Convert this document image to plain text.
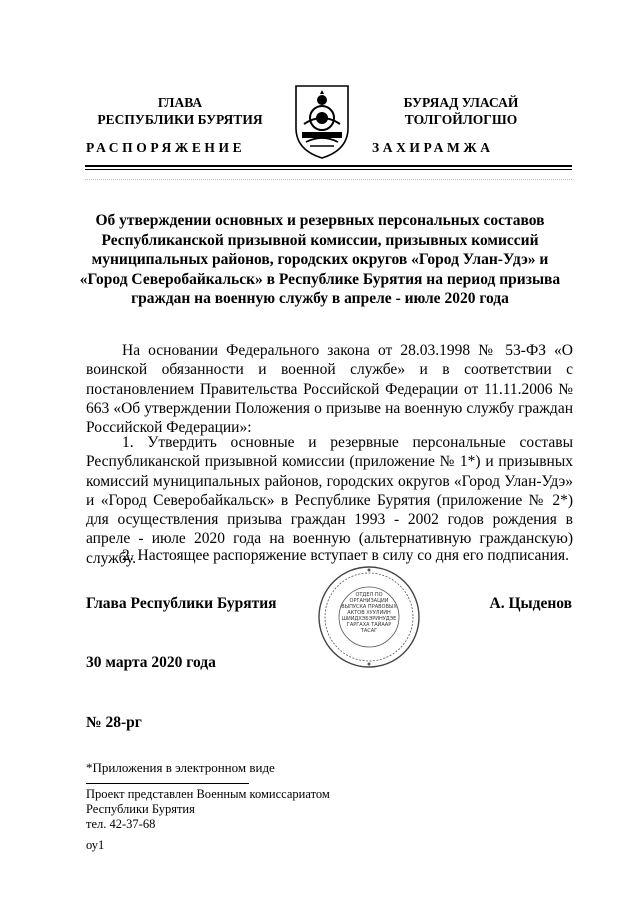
ГЛАВА
РЕСПУБЛИКИ БУРЯТИЯ
РАСПОРЯЖЕНИЕ
БУРЯАД УЛАСАЙ
ТОЛГОЙЛОГШО
ЗАХИРАМЖА
Об утверждении основных и резервных персональных составов Республиканской призывной комиссии, призывных комиссий муниципальных районов, городских округов «Город Улан-Удэ» и «Город Северобайкальск» в Республике Бурятия на период призыва граждан на военную службу в апреле - июле 2020 года
На основании Федерального закона от 28.03.1998 № 53-ФЗ «О воинской обязанности и военной службе» и в соответствии с постановлением Правительства Российской Федерации от 11.11.2006 № 663 «Об утверждении Положения о призыве на военную службу граждан Российской Федерации»:
1. Утвердить основные и резервные персональные составы Республиканской призывной комиссии (приложение № 1*) и призывных комиссий муниципальных районов, городских округов «Город Улан-Удэ» и «Город Северобайкальск» в Республике Бурятия (приложение № 2*) для осуществления призыва граждан 1993 - 2002 годов рождения в апреле - июле 2020 года на военную (альтернативную гражданскую) службу.
2. Настоящее распоряжение вступает в силу со дня его подписания.
Глава Республики Бурятия	А. Цыденов
ОТДЕЛ ПО ОРГАНИЗАЦИИ ВЫПУСКА ПРАВОВЫХ АКТОВ ХУУЛИИН ШИИДХЭБЭРИНУДЭЕ ГАРГАХА ТАЙААР ТАСАГ
30 марта 2020 года
№ 28-рг
*Приложения в электронном виде
Проект представлен Военным комиссариатом
Республики Бурятия
тел. 42-37-68
оу1
